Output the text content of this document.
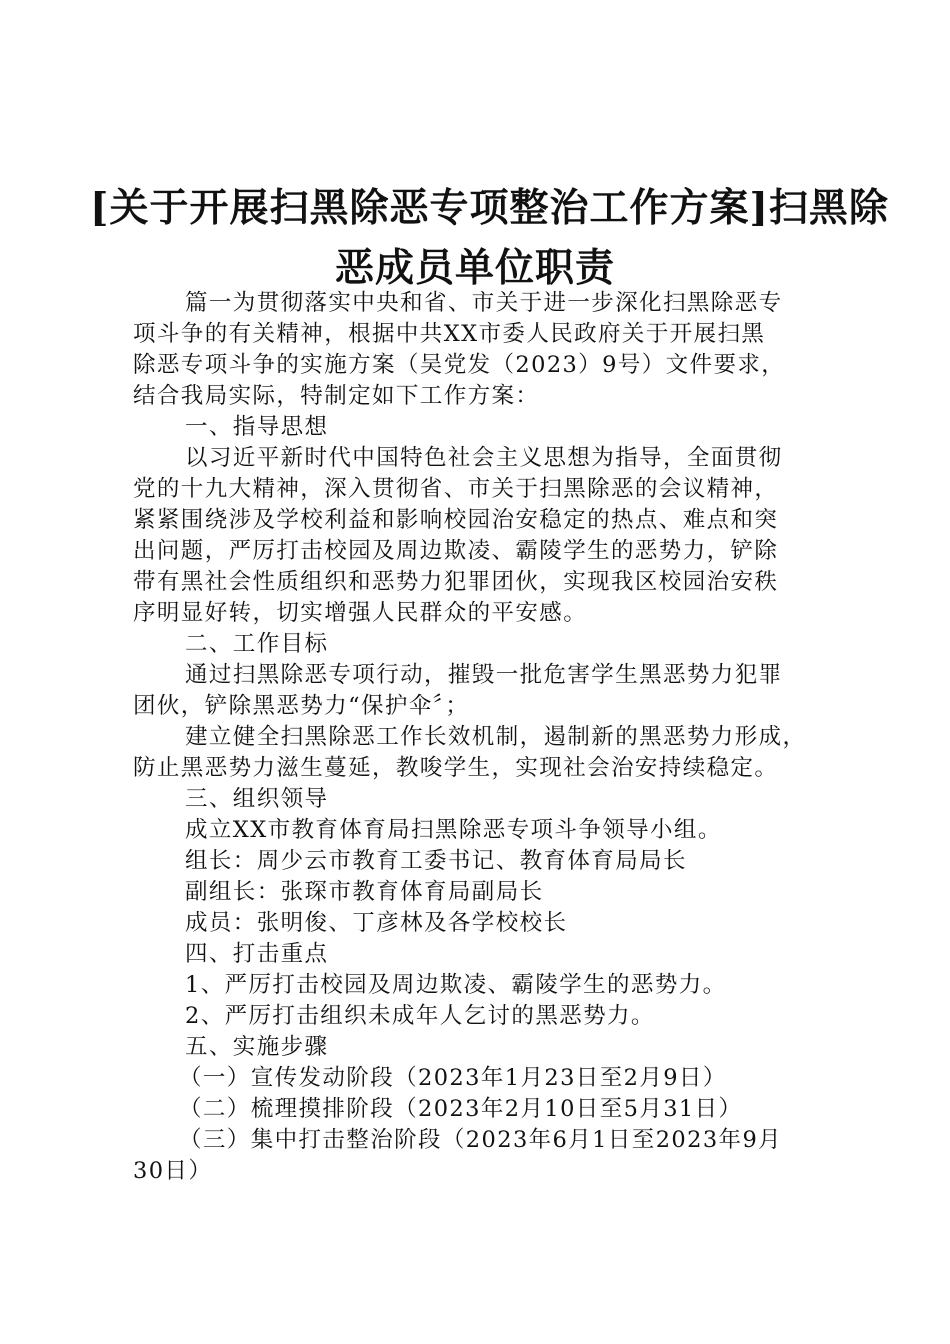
[关于开展扫黑除恶专项整治工作方案]扫黑除
恶成员单位职责
篇一为贯彻落实中央和省、市关于进一步深化扫黑除恶专
项斗争的有关精神，根据中共XX市委人民政府关于开展扫黑
除恶专项斗争的实施方案（吴党发（2023）9号）文件要求，
结合我局实际，特制定如下工作方案：
一、指导思想
以习近平新时代中国特色社会主义思想为指导，全面贯彻
党的十九大精神，深入贯彻省、市关于扫黑除恶的会议精神，
紧紧围绕涉及学校利益和影响校园治安稳定的热点、难点和突
出问题，严厉打击校园及周边欺凌、霸陵学生的恶势力，铲除
带有黑社会性质组织和恶势力犯罪团伙，实现我区校园治安秩
序明显好转，切实增强人民群众的平安感。
二、工作目标
通过扫黑除恶专项行动，摧毁一批危害学生黑恶势力犯罪
团伙，铲除黑恶势力“保护伞〞；
建立健全扫黑除恶工作长效机制，遏制新的黑恶势力形成，
防止黑恶势力滋生蔓延，教唆学生，实现社会治安持续稳定。
三、组织领导
成立XX市教育体育局扫黑除恶专项斗争领导小组。
组长：周少云市教育工委书记、教育体育局局长
副组长：张琛市教育体育局副局长
成员：张明俊、丁彦林及各学校校长
四、打击重点
1、严厉打击校园及周边欺凌、霸陵学生的恶势力。
2、严厉打击组织未成年人乞讨的黑恶势力。
五、实施步骤
（一）宣传发动阶段（2023年1月23日至2月9日）
（二）梳理摸排阶段（2023年2月10日至5月31日）
（三）集中打击整治阶段（2023年6月1日至2023年9月
30日）
